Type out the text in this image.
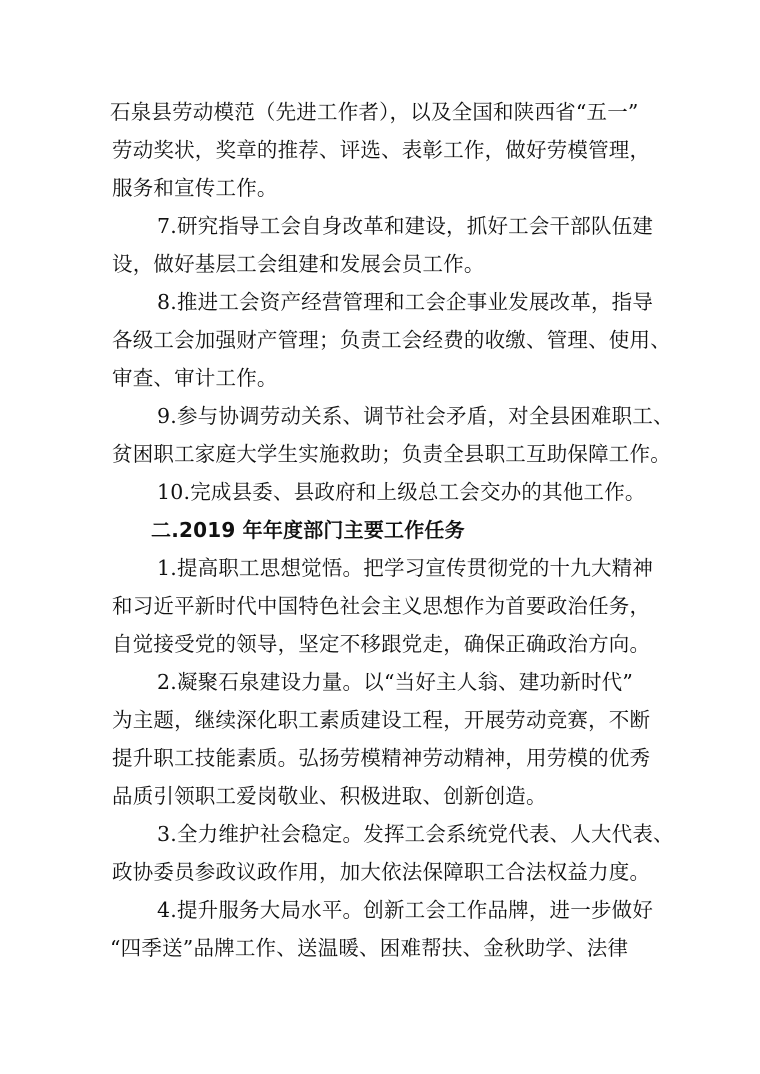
石泉县劳动模范（先进工作者），以及全国和陕西省“五一”
劳动奖状，奖章的推荐、评选、表彰工作，做好劳模管理，
服务和宣传工作。
7.研究指导工会自身改革和建设，抓好工会干部队伍建
设，做好基层工会组建和发展会员工作。
8.推进工会资产经营管理和工会企事业发展改革，指导
各级工会加强财产管理；负责工会经费的收缴、管理、使用、
审查、审计工作。
9.参与协调劳动关系、调节社会矛盾，对全县困难职工、
贫困职工家庭大学生实施救助；负责全县职工互助保障工作。
10.完成县委、县政府和上级总工会交办的其他工作。
二.2019 年年度部门主要工作任务
1.提高职工思想觉悟。把学习宣传贯彻党的十九大精神
和习近平新时代中国特色社会主义思想作为首要政治任务，
自觉接受党的领导，坚定不移跟党走，确保正确政治方向。
2.凝聚石泉建设力量。以“当好主人翁、建功新时代”
为主题，继续深化职工素质建设工程，开展劳动竞赛，不断
提升职工技能素质。弘扬劳模精神劳动精神，用劳模的优秀
品质引领职工爱岗敬业、积极进取、创新创造。
3.全力维护社会稳定。发挥工会系统党代表、人大代表、
政协委员参政议政作用，加大依法保障职工合法权益力度。
4.提升服务大局水平。创新工会工作品牌，进一步做好
“四季送”品牌工作、送温暖、困难帮扶、金秋助学、法律
